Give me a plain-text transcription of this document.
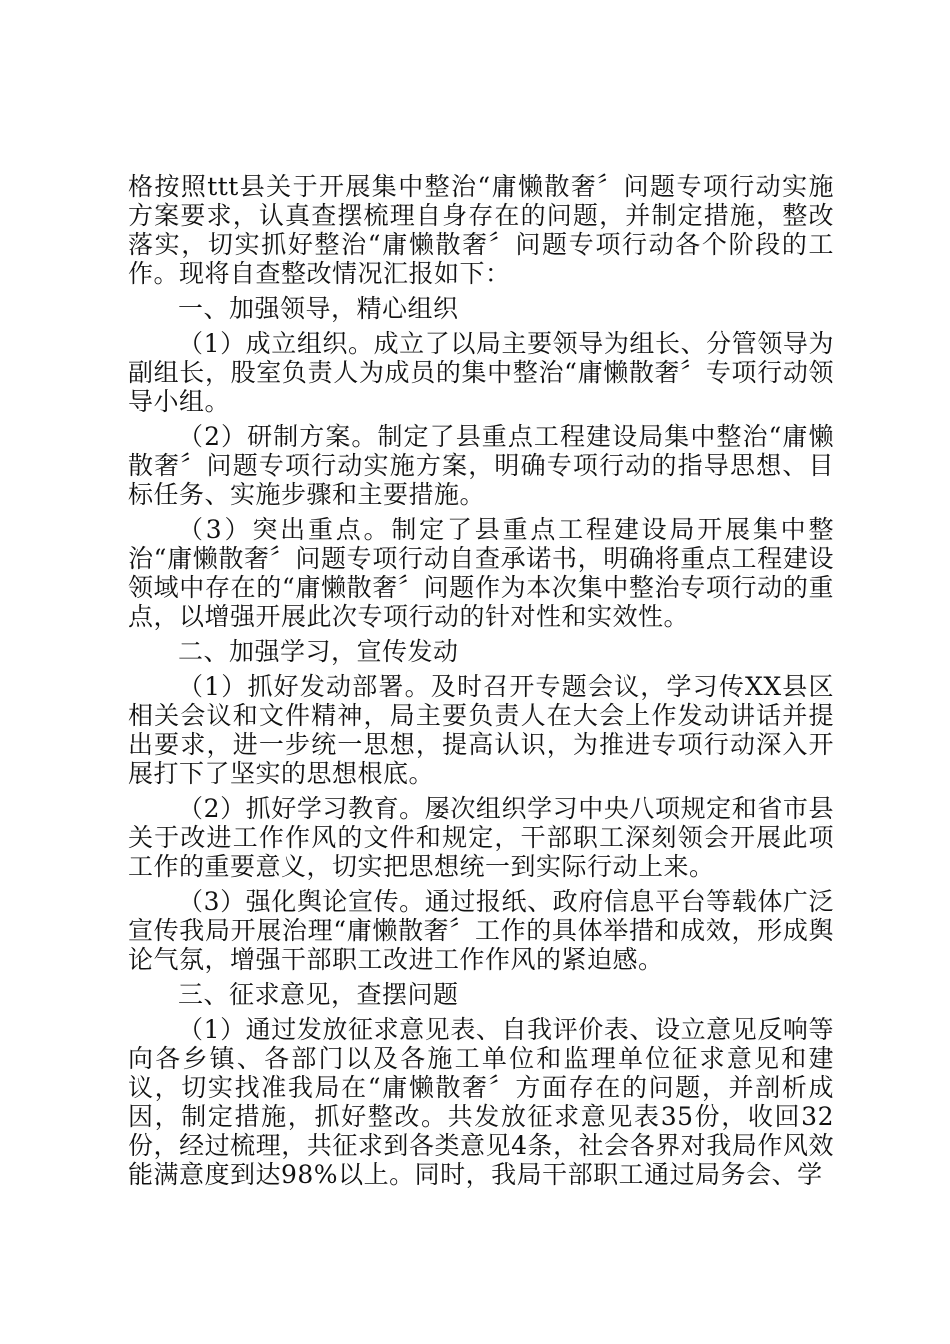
格按照ttt县关于开展集中整治“庸懒散奢〞问题专项行动实施方案要求，认真查摆梳理自身存在的问题，并制定措施，整改落实，切实抓好整治“庸懒散奢〞问题专项行动各个阶段的工作。现将自查整改情况汇报如下：

一、加强领导，精心组织

（1）成立组织。成立了以局主要领导为组长、分管领导为副组长，股室负责人为成员的集中整治“庸懒散奢〞专项行动领导小组。

（2）研制方案。制定了县重点工程建设局集中整治“庸懒散奢〞问题专项行动实施方案，明确专项行动的指导思想、目标任务、实施步骤和主要措施。

（3）突出重点。制定了县重点工程建设局开展集中整治“庸懒散奢〞问题专项行动自查承诺书，明确将重点工程建设领域中存在的“庸懒散奢〞问题作为本次集中整治专项行动的重点，以增强开展此次专项行动的针对性和实效性。

二、加强学习，宣传发动

（1）抓好发动部署。及时召开专题会议，学习传XX县区相关会议和文件精神，局主要负责人在大会上作发动讲话并提出要求，进一步统一思想，提高认识，为推进专项行动深入开展打下了坚实的思想根底。

（2）抓好学习教育。屡次组织学习中央八项规定和省市县关于改进工作作风的文件和规定，干部职工深刻领会开展此项工作的重要意义，切实把思想统一到实际行动上来。

（3）强化舆论宣传。通过报纸、政府信息平台等载体广泛宣传我局开展治理“庸懒散奢〞工作的具体举措和成效，形成舆论气氛，增强干部职工改进工作作风的紧迫感。

三、征求意见，查摆问题

（1）通过发放征求意见表、自我评价表、设立意见反响等向各乡镇、各部门以及各施工单位和监理单位征求意见和建议，切实找准我局在“庸懒散奢〞方面存在的问题，并剖析成因，制定措施，抓好整改。共发放征求意见表35份，收回32份，经过梳理，共征求到各类意见4条，社会各界对我局作风效能满意度到达98%以上。同时，我局干部职工通过局务会、学
